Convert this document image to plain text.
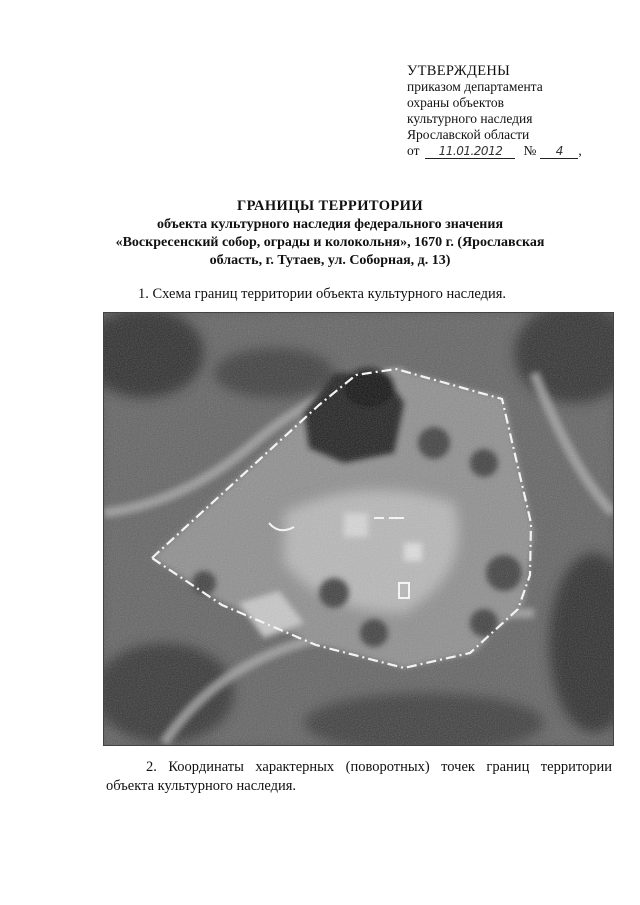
УТВЕРЖДЕНЫ
приказом департамента
охраны объектов
культурного наследия
Ярославской области
от	11.01.2012	№	4	,
ГРАНИЦЫ ТЕРРИТОРИИ
объекта культурного наследия федерального значения
«Воскресенский собор, ограды и колокольня», 1670 г. (Ярославская
область, г. Тутаев, ул. Соборная, д. 13)
1. Схема границ территории объекта культурного наследия.
2. Координаты характерных (поворотных) точек границ территории объекта культурного наследия.
